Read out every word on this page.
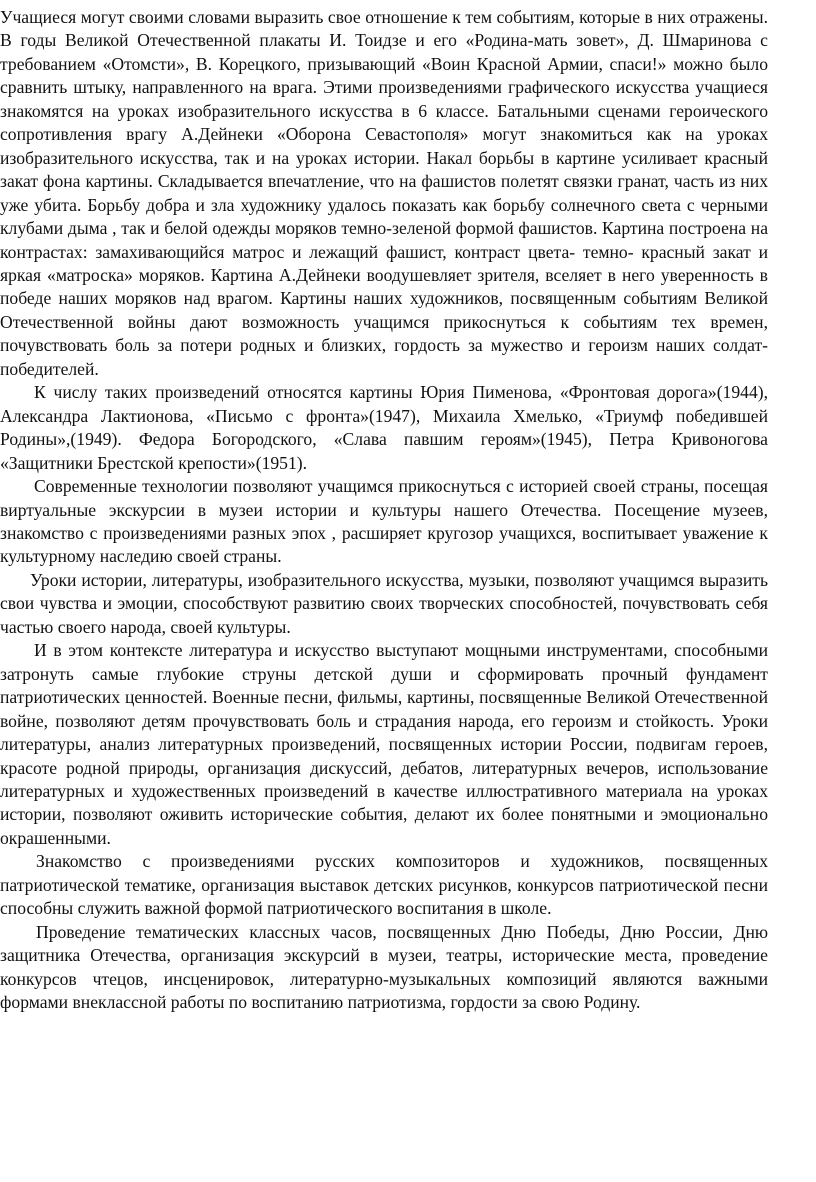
Учащиеся могут своими словами выразить свое отношение к тем событиям, которые в них отражены. В годы Великой Отечественной плакаты И. Тоидзе и его «Родина-мать зовет», Д. Шмаринова с требованием «Отомсти», В. Корецкого, призывающий «Воин Красной Армии, спаси!» можно было сравнить штыку, направленного на врага. Этими произведениями графического искусства учащиеся знакомятся на уроках изобразительного искусства в 6 классе. Батальными сценами героического сопротивления врагу А.Дейнеки «Оборона Севастополя» могут знакомиться как на уроках изобразительного искусства, так и на уроках истории. Накал борьбы в картине усиливает красный закат фона картины. Складывается впечатление, что на фашистов полетят связки гранат, часть из них уже убита. Борьбу добра и зла художнику удалось показать как борьбу солнечного света с черными клубами дыма , так и белой одежды моряков темно-зеленой формой фашистов. Картина построена на контрастах: замахивающийся матрос и лежащий фашист, контраст цвета- темно- красный закат и яркая «матроска» моряков. Картина А.Дейнеки воодушевляет зрителя, вселяет в него уверенность в победе наших моряков над врагом. Картины наших художников, посвященным событиям Великой Отечественной войны дают возможность учащимся прикоснуться к событиям тех времен, почувствовать боль за потери родных и близких, гордость за мужество и героизм наших солдат-победителей.

К числу таких произведений относятся картины Юрия Пименова, «Фронтовая дорога»(1944), Александра Лактионова, «Письмо с фронта»(1947), Михаила Хмелько, «Триумф победившей Родины»,(1949). Федора Богородского, «Слава павшим героям»(1945), Петра Кривоногова «Защитники Брестской крепости»(1951).

Современные технологии позволяют учащимся прикоснуться с историей своей страны, посещая виртуальные экскурсии в музеи истории и культуры нашего Отечества. Посещение музеев, знакомство с произведениями разных эпох , расширяет кругозор учащихся, воспитывает уважение к культурному наследию своей страны.

Уроки истории, литературы, изобразительного искусства, музыки, позволяют учащимся выразить свои чувства и эмоции, способствуют развитию своих творческих способностей, почувствовать себя частью своего народа, своей культуры.

И в этом контексте литература и искусство выступают мощными инструментами, способными затронуть самые глубокие струны детской души и сформировать прочный фундамент патриотических ценностей. Военные песни, фильмы, картины, посвященные Великой Отечественной войне, позволяют детям прочувствовать боль и страдания народа, его героизм и стойкость. Уроки литературы, анализ литературных произведений, посвященных истории России, подвигам героев, красоте родной природы, организация дискуссий, дебатов, литературных вечеров, использование литературных и художественных произведений в качестве иллюстративного материала на уроках истории, позволяют оживить исторические события, делают их более понятными и эмоционально окрашенными.

Знакомство с произведениями русских композиторов и художников, посвященных патриотической тематике, организация выставок детских рисунков, конкурсов патриотической песни способны служить важной формой патриотического воспитания в школе.

Проведение тематических классных часов, посвященных Дню Победы, Дню России, Дню защитника Отечества, организация экскурсий в музеи, театры, исторические места, проведение конкурсов чтецов, инсценировок, литературно-музыкальных композиций являются важными формами внеклассной работы по воспитанию патриотизма, гордости за свою Родину.
